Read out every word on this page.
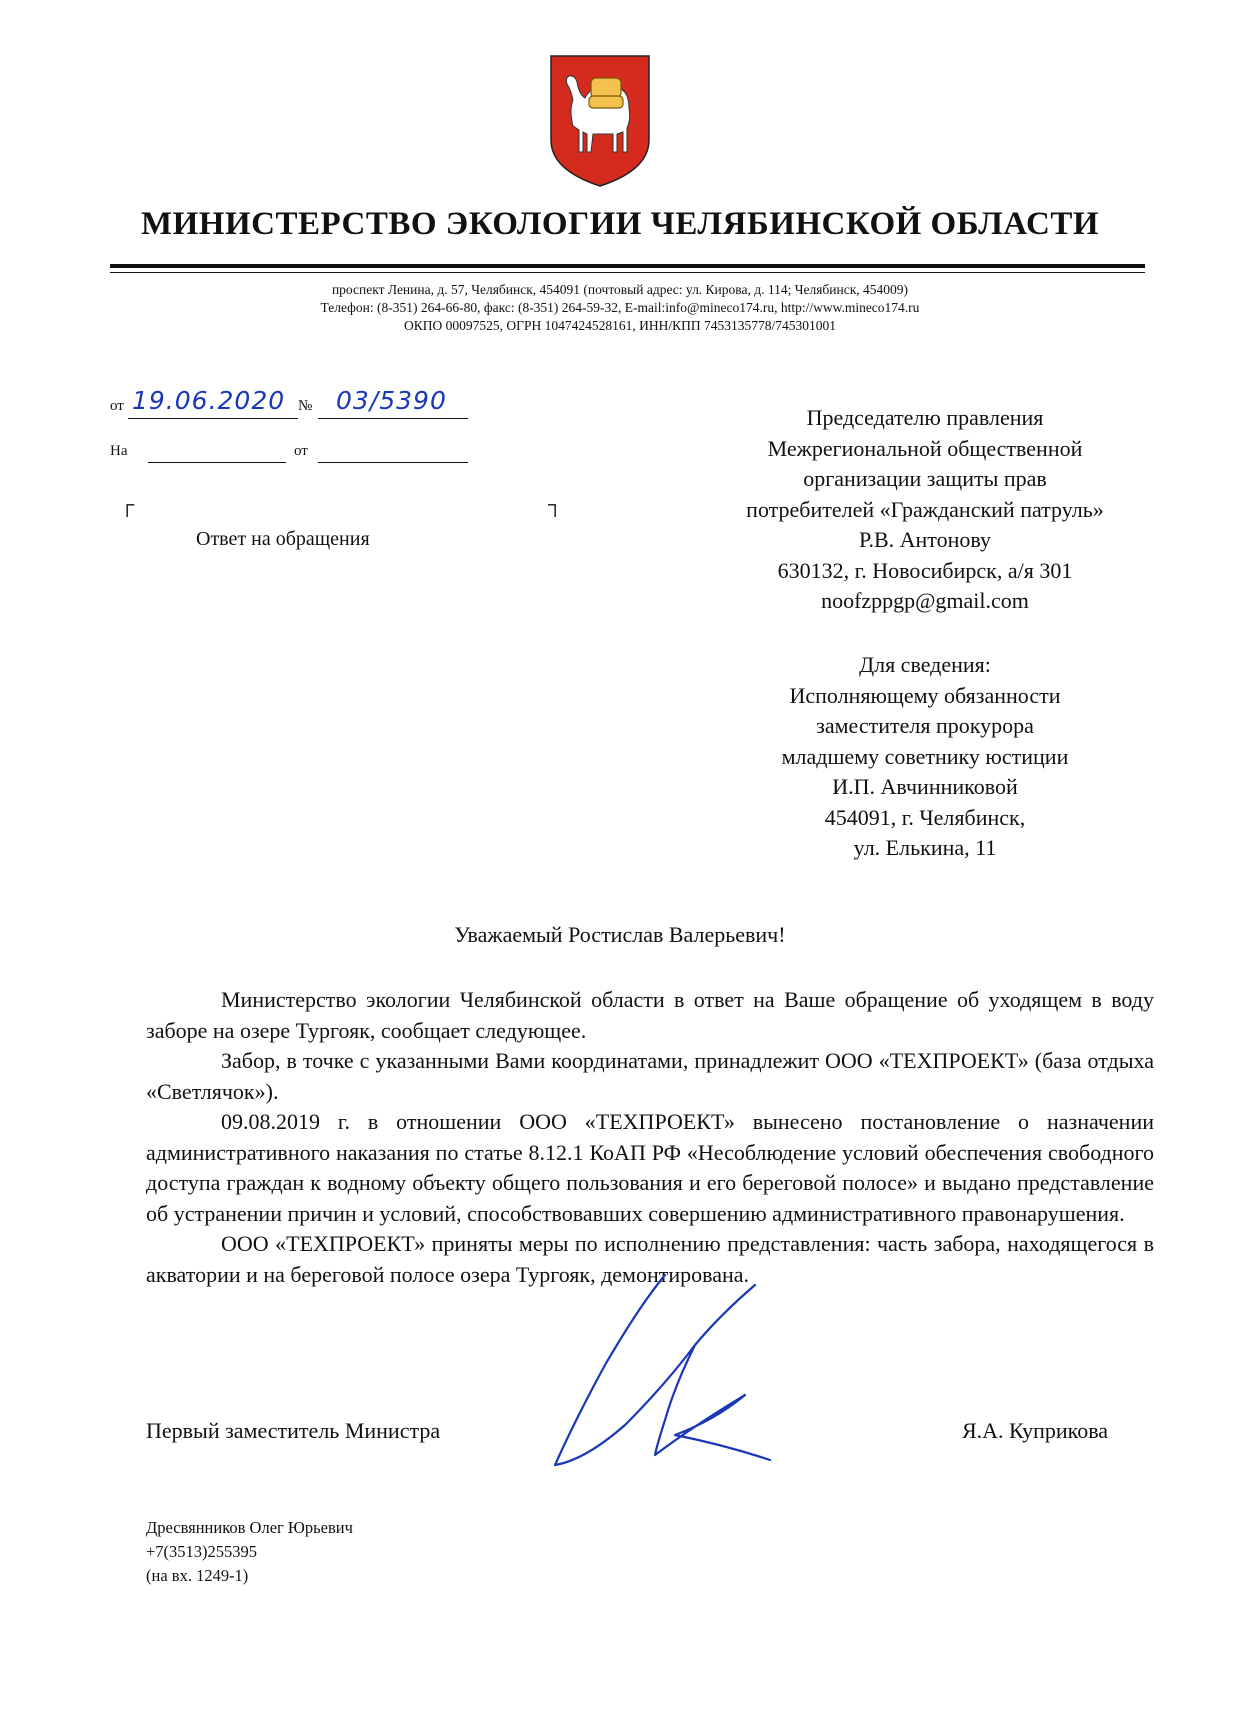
МИНИСТЕРСТВО ЭКОЛОГИИ ЧЕЛЯБИНСКОЙ ОБЛАСТИ
проспект Ленина, д. 57, Челябинск, 454091 (почтовый адрес: ул. Кирова, д. 114; Челябинск, 454009)
Телефон: (8-351) 264-66-80, факс: (8-351) 264-59-32, E-mail:info@mineco174.ru, http://www.mineco174.ru
ОКПО 00097525, ОГРН 1047424528161, ИНН/КПП 7453135778/745301001
от 19.06.2020 № 03/5390
На	от
┌	┐
Ответ на обращения
Председателю правления
Межрегиональной общественной
организации защиты прав
потребителей «Гражданский патруль»
Р.В. Антонову
630132, г. Новосибирск, а/я 301
noofzppgp@gmail.com
Для сведения:
Исполняющему обязанности
заместителя прокурора
младшему советнику юстиции
И.П. Авчинниковой
454091, г. Челябинск,
ул. Елькина, 11
Уважаемый Ростислав Валерьевич!

Министерство экологии Челябинской области в ответ на Ваше обращение об уходящем в воду заборе на озере Тургояк, сообщает следующее.

Забор, в точке с указанными Вами координатами, принадлежит ООО «ТЕХПРОЕКТ» (база отдыха «Светлячок»).

09.08.2019 г. в отношении ООО «ТЕХПРОЕКТ» вынесено постановление о назначении административного наказания по статье 8.12.1 КоАП РФ «Несоблюдение условий обеспечения свободного доступа граждан к водному объекту общего пользования и его береговой полосе» и выдано представление об устранении причин и условий, способствовавших совершению административного правонарушения.

ООО «ТЕХПРОЕКТ» приняты меры по исполнению представления: часть забора, находящегося в акватории и на береговой полосе озера Тургояк, демонтирована.

Первый заместитель Министра	Я.А. Куприкова
Дресвянников Олег Юрьевич
+7(3513)255395
(на вх. 1249-1)
